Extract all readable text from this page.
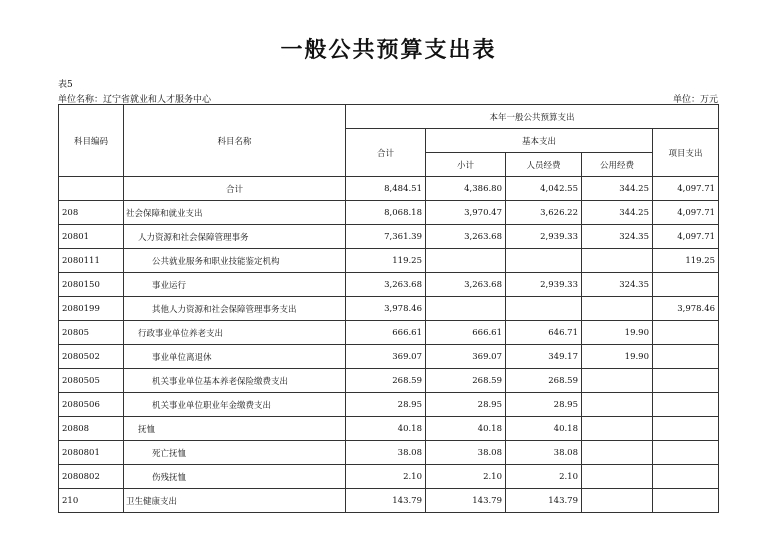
一般公共预算支出表
表5
单位名称：辽宁省就业和人才服务中心	单位：万元
科目编码	科目名称	本年一般公共预算支出				
		合计	基本支出			项目支出
			小计	人员经费	公用经费	
	合计	8,484.51	4,386.80	4,042.55	344.25	4,097.71
208	社会保障和就业支出	8,068.18	3,970.47	3,626.22	344.25	4,097.71
20801	人力资源和社会保障管理事务	7,361.39	3,263.68	2,939.33	324.35	4,097.71
2080111	公共就业服务和职业技能鉴定机构	119.25				119.25
2080150	事业运行	3,263.68	3,263.68	2,939.33	324.35	
2080199	其他人力资源和社会保障管理事务支出	3,978.46				3,978.46
20805	行政事业单位养老支出	666.61	666.61	646.71	19.90	
2080502	事业单位离退休	369.07	369.07	349.17	19.90	
2080505	机关事业单位基本养老保险缴费支出	268.59	268.59	268.59		
2080506	机关事业单位职业年金缴费支出	28.95	28.95	28.95		
20808	抚恤	40.18	40.18	40.18		
2080801	死亡抚恤	38.08	38.08	38.08		
2080802	伤残抚恤	2.10	2.10	2.10		
210	卫生健康支出	143.79	143.79	143.79		
